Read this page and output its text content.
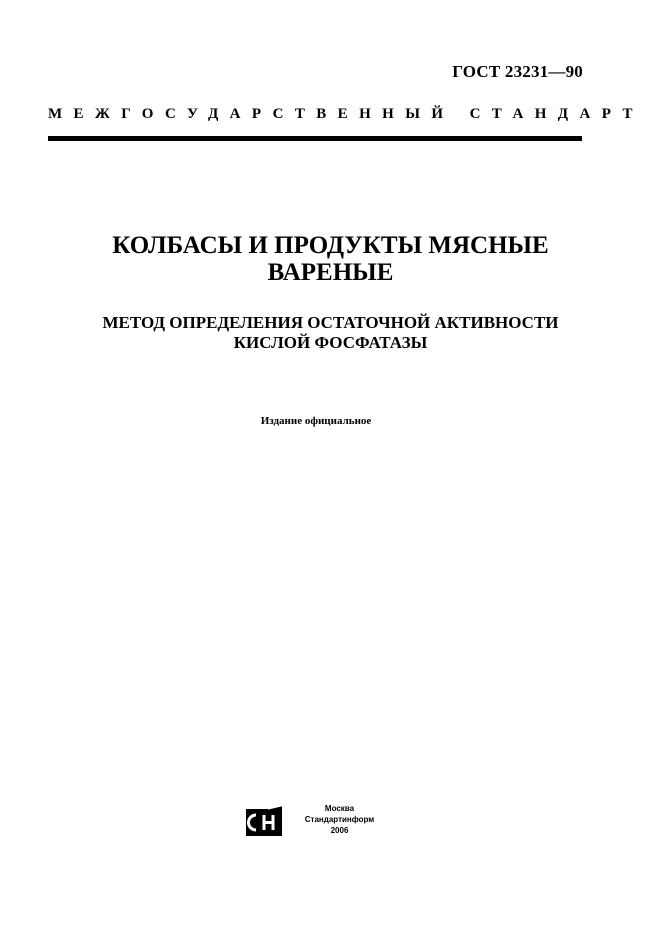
ГОСТ 23231—90
МЕЖГОСУДАРСТВЕННЫЙ СТАНДАРТ
КОЛБАСЫ И ПРОДУКТЫ МЯСНЫЕ
ВАРЕНЫЕ
МЕТОД ОПРЕДЕЛЕНИЯ ОСТАТОЧНОЙ АКТИВНОСТИ
КИСЛОЙ ФОСФАТАЗЫ
Издание официальное
Москва
Стандартинформ
2006
